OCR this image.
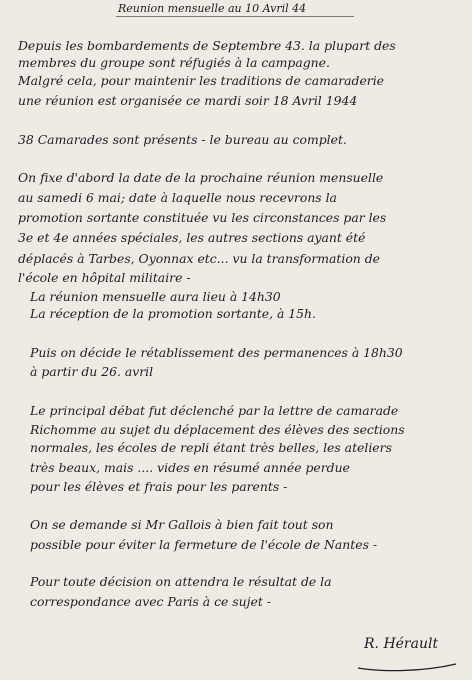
Reunion mensuelle au 10 Avril 44
Depuis les bombardements de Septembre 43. la plupart des
membres du groupe sont réfugiés à la campagne.
Malgré cela, pour maintenir les traditions de camaraderie
une réunion est organisée ce mardi soir 18 Avril 1944
38 Camarades sont présents - le bureau au complet.
On fixe d'abord la date de la prochaine réunion mensuelle
au samedi 6 mai; date à laquelle nous recevrons la
promotion sortante constituée vu les circonstances par les
3e et 4e années spéciales, les autres sections ayant été
déplacés à Tarbes, Oyonnax etc... vu la transformation de
l'école en hôpital militaire -
La réunion mensuelle aura lieu à 14h30
La réception de la promotion sortante, à 15h.
Puis on décide le rétablissement des permanences à 18h30
à partir du 26. avril
Le principal débat fut déclenché par la lettre de camarade
Richomme au sujet du déplacement des élèves des sections
normales, les écoles de repli étant très belles, les ateliers
très beaux, mais .... vides en résumé année perdue
pour les élèves et frais pour les parents -
On se demande si Mr Gallois à bien fait tout son
possible pour éviter la fermeture de l'école de Nantes -
Pour toute décision on attendra le résultat de la
correspondance avec Paris à ce sujet -
R. Hérault
